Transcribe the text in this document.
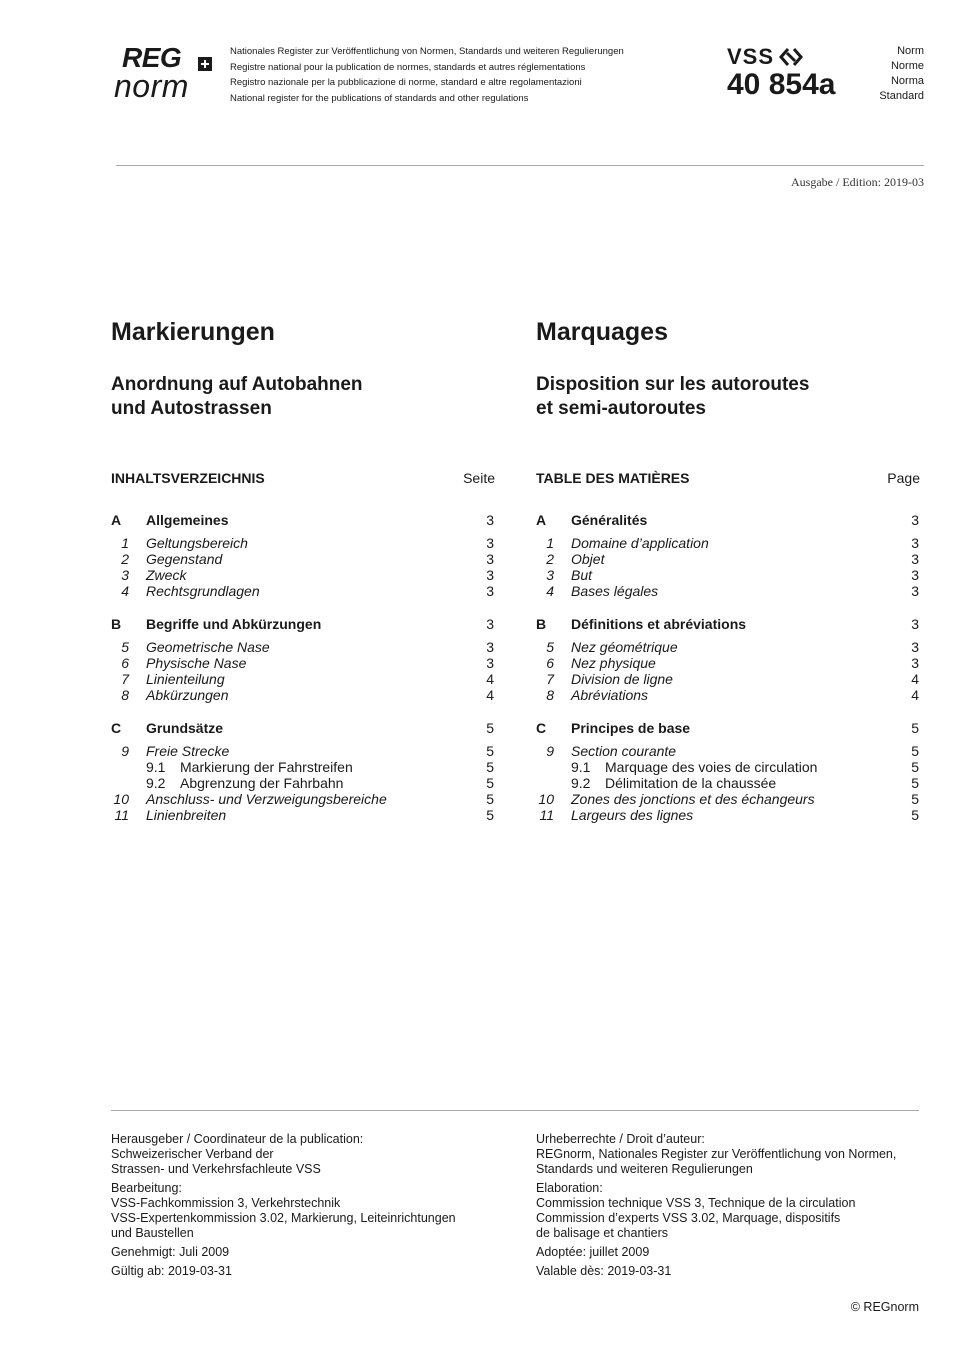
REG
norm
Nationales Register zur Veröffentlichung von Normen, Standards und weiteren Regulierungen
Registre national pour la publication de normes, standards et autres réglementations
Registro nazionale per la pubblicazione di norme, standard e altre regolamentazioni
National register for the publications of standards and other regulations
VSS
40 854a
Norm
Norme
Norma
Standard
Ausgabe / Edition: 2019-03
Markierungen
Anordnung auf Autobahnen
und Autostrassen
Marquages
Disposition sur les autoroutes
et semi-autoroutes
INHALTSVERZEICHNIS	Seite	TABLE DES MATIÈRES	Page
A	Allgemeines	3
1 Geltungsbereich	3
2 Gegenstand	3
3 Zweck	3
4 Rechtsgrundlagen	3
B	Begriffe und Abkürzungen	3
5 Geometrische Nase	3
6 Physische Nase	3
7 Linienteilung	4
8 Abkürzungen	4
C	Grundsätze	5
9 Freie Strecke	5
9.1	Markierung der Fahrstreifen	5
9.2	Abgrenzung der Fahrbahn	5
10 Anschluss- und Verzweigungsbereiche	5
11 Linienbreiten	5
A	Généralités	3
1 Domaine d’application	3
2 Objet	3
3 But	3
4 Bases légales	3
B	Définitions et abréviations	3
5 Nez géométrique	3
6 Nez physique	3
7 Division de ligne	4
8 Abréviations	4
C	Principes de base	5
9 Section courante	5
9.1	Marquage des voies de circulation	5
9.2	Délimitation de la chaussée	5
10 Zones des jonctions et des échangeurs	5
11 Largeurs des lignes	5
Herausgeber / Coordinateur de la publication:
Schweizerischer Verband der
Strassen- und Verkehrsfachleute VSS
Bearbeitung:
VSS-Fachkommission 3, Verkehrstechnik
VSS-Expertenkommission 3.02, Markierung, Leiteinrichtungen
und Baustellen
Genehmigt: Juli 2009
Gültig ab: 2019-03-31
Urheberrechte / Droit d’auteur:
REGnorm, Nationales Register zur Veröffentlichung von Normen,
Standards und weiteren Regulierungen
Elaboration:
Commission technique VSS 3, Technique de la circulation
Commission d’experts VSS 3.02, Marquage, dispositifs
de balisage et chantiers
Adoptée: juillet 2009
Valable dès: 2019-03-31
© REGnorm
